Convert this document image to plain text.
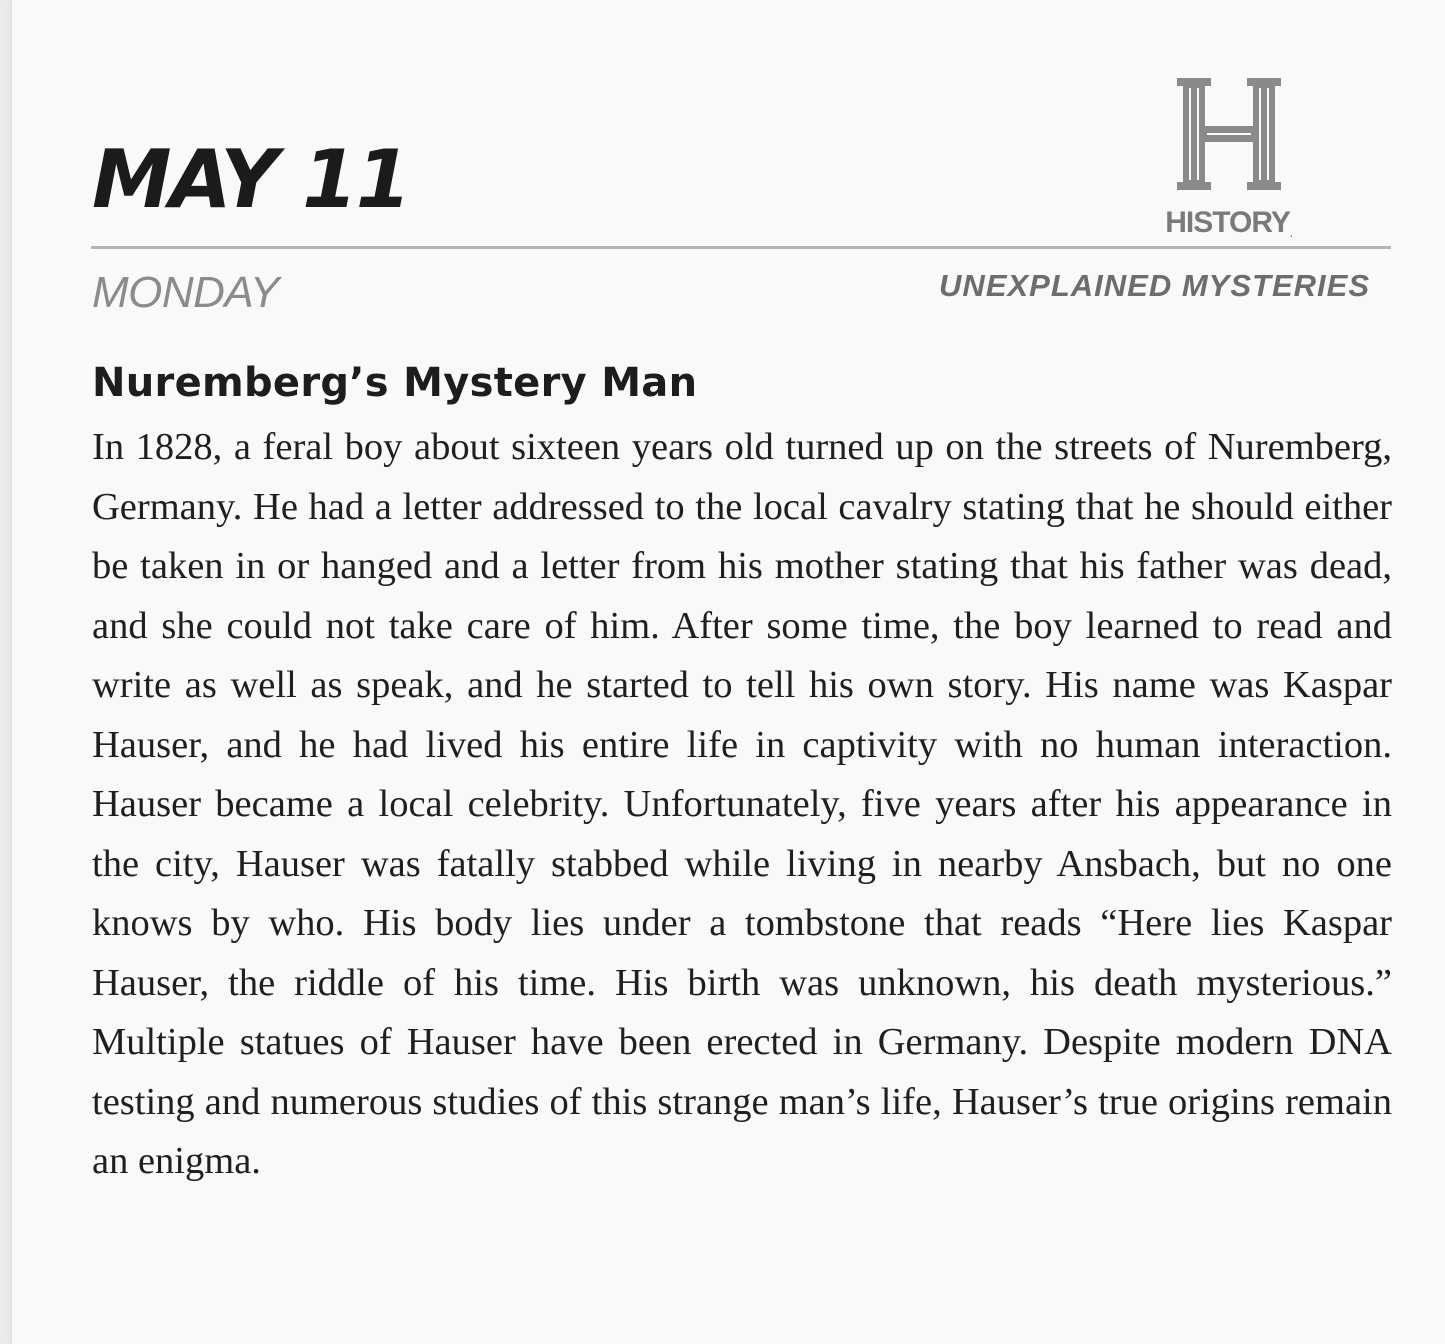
MAY 11	HISTORY.
MONDAY	UNEXPLAINED MYSTERIES
Nuremberg’s Mystery Man

In 1828, a feral boy about sixteen years old turned up on the streets of Nuremberg, Germany. He had a letter addressed to the local cavalry stating that he should either be taken in or hanged and a letter from his mother stating that his father was dead, and she could not take care of him. After some time, the boy learned to read and write as well as speak, and he started to tell his own story. His name was Kaspar Hauser, and he had lived his entire life in captivity with no human interaction. Hauser became a local celebrity. Unfortunately, five years after his appearance in the city, Hauser was fatally stabbed while living in nearby Ansbach, but no one knows by who. His body lies under a tombstone that reads “Here lies Kaspar Hauser, the riddle of his time. His birth was unknown, his death mysterious.” Multiple statues of Hauser have been erected in Germany. Despite modern DNA testing and numerous studies of this strange man’s life, Hauser’s true origins remain an enigma.
